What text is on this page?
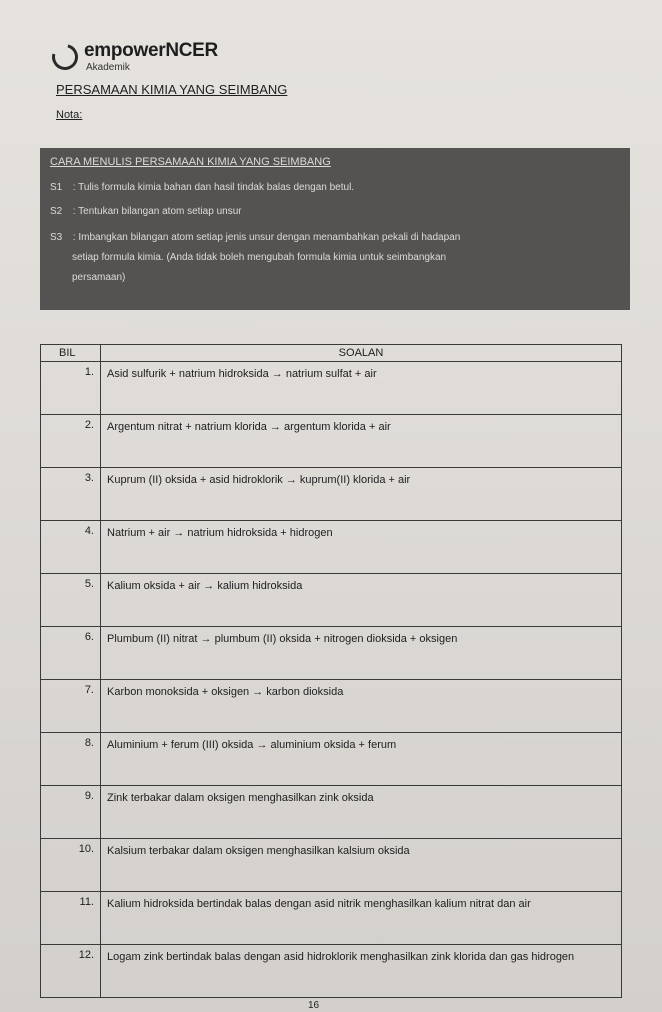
empowerNCER
Akademik
PERSAMAAN KIMIA YANG SEIMBANG
Nota:
CARA MENULIS PERSAMAAN KIMIA YANG SEIMBANG
S1 : Tulis formula kimia bahan dan hasil tindak balas dengan betul.
S2 : Tentukan bilangan atom setiap unsur
S3 : Imbangkan bilangan atom setiap jenis unsur dengan menambahkan pekali di hadapan
setiap formula kimia. (Anda tidak boleh mengubah formula kimia untuk seimbangkan
persamaan)
BIL	SOALAN
1.	Asid sulfurik + natrium hidroksida → natrium sulfat + air
2.	Argentum nitrat + natrium klorida → argentum klorida + air
3.	Kuprum (II) oksida + asid hidroklorik → kuprum(II) klorida + air
4.	Natrium + air → natrium hidroksida + hidrogen
5.	Kalium oksida + air → kalium hidroksida
6.	Plumbum (II) nitrat → plumbum (II) oksida + nitrogen dioksida + oksigen
7.	Karbon monoksida + oksigen → karbon dioksida
8.	Aluminium + ferum (III) oksida → aluminium oksida + ferum
9.	Zink terbakar dalam oksigen menghasilkan zink oksida
10.	Kalsium terbakar dalam oksigen menghasilkan kalsium oksida
11.	Kalium hidroksida bertindak balas dengan asid nitrik menghasilkan kalium nitrat dan air
12.	Logam zink bertindak balas dengan asid hidroklorik menghasilkan zink klorida dan gas hidrogen
16
